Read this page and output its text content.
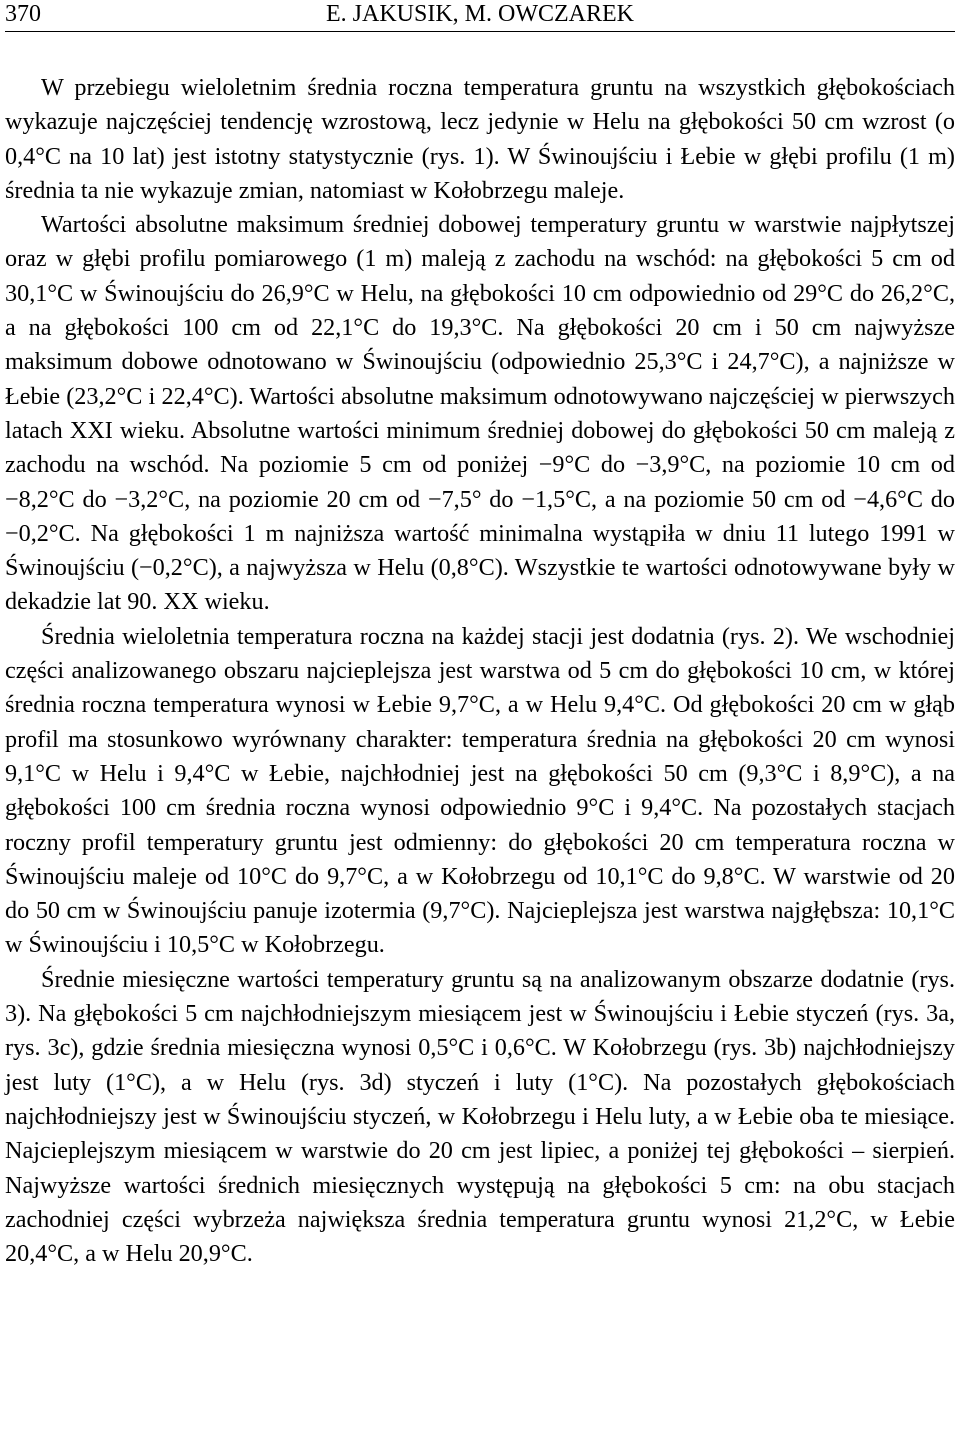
370	E. JAKUSIK, M. OWCZAREK

W przebiegu wieloletnim średnia roczna temperatura gruntu na wszystkich głębokościach wykazuje najczęściej tendencję wzrostową, lecz jedynie w Helu na głębokości 50 cm wzrost (o 0,4°C na 10 lat) jest istotny statystycznie (rys. 1). W Świnoujściu i Łebie w głębi profilu (1 m) średnia ta nie wykazuje zmian, natomiast w Kołobrzegu maleje.

Wartości absolutne maksimum średniej dobowej temperatury gruntu w warstwie najpłytszej oraz w głębi profilu pomiarowego (1 m) maleją z zachodu na wschód: na głębokości 5 cm od 30,1°C w Świnoujściu do 26,9°C w Helu, na głębokości 10 cm odpowiednio od 29°C do 26,2°C, a na głębokości 100 cm od 22,1°C do 19,3°C. Na głębokości 20 cm i 50 cm najwyższe maksimum dobowe odnotowano w Świnoujściu (odpowiednio 25,3°C i 24,7°C), a najniższe w Łebie (23,2°C i 22,4°C). Wartości absolutne maksimum odnotowywano najczęściej w pierwszych latach XXI wieku. Absolutne wartości minimum średniej dobowej do głębokości 50 cm maleją z zachodu na wschód. Na poziomie 5 cm od poniżej −9°C do −3,9°C, na poziomie 10 cm od −8,2°C do −3,2°C, na poziomie 20 cm od −7,5° do −1,5°C, a na poziomie 50 cm od −4,6°C do −0,2°C. Na głębokości 1 m najniższa wartość minimalna wystąpiła w dniu 11 lutego 1991 w Świnoujściu (−0,2°C), a najwyższa w Helu (0,8°C). Wszystkie te wartości odnotowywane były w dekadzie lat 90. XX wieku.

Średnia wieloletnia temperatura roczna na każdej stacji jest dodatnia (rys. 2). We wschodniej części analizowanego obszaru najcieplejsza jest warstwa od 5 cm do głębokości 10 cm, w której średnia roczna temperatura wynosi w Łebie 9,7°C, a w Helu 9,4°C. Od głębokości 20 cm w głąb profil ma stosunkowo wyrównany charakter: temperatura średnia na głębokości 20 cm wynosi 9,1°C w Helu i 9,4°C w Łebie, najchłodniej jest na głębokości 50 cm (9,3°C i 8,9°C), a na głębokości 100 cm średnia roczna wynosi odpowiednio 9°C i 9,4°C. Na pozostałych stacjach roczny profil temperatury gruntu jest odmienny: do głębokości 20 cm temperatura roczna w Świnoujściu maleje od 10°C do 9,7°C, a w Kołobrzegu od 10,1°C do 9,8°C. W warstwie od 20 do 50 cm w Świnoujściu panuje izotermia (9,7°C). Najcieplejsza jest warstwa najgłębsza: 10,1°C w Świnoujściu i 10,5°C w Kołobrzegu.

Średnie miesięczne wartości temperatury gruntu są na analizowanym obszarze dodatnie (rys. 3). Na głębokości 5 cm najchłodniejszym miesiącem jest w Świnoujściu i Łebie styczeń (rys. 3a, rys. 3c), gdzie średnia miesięczna wynosi 0,5°C i 0,6°C. W Kołobrzegu (rys. 3b) najchłodniejszy jest luty (1°C), a w Helu (rys. 3d) styczeń i luty (1°C). Na pozostałych głębokościach najchłodniejszy jest w Świnoujściu styczeń, w Kołobrzegu i Helu luty, a w Łebie oba te miesiące. Najcieplejszym miesiącem w warstwie do 20 cm jest lipiec, a poniżej tej głębokości – sierpień. Najwyższe wartości średnich miesięcznych występują na głębokości 5 cm: na obu stacjach zachodniej części wybrzeża największa średnia temperatura gruntu wynosi 21,2°C, w Łebie 20,4°C, a w Helu 20,9°C.
